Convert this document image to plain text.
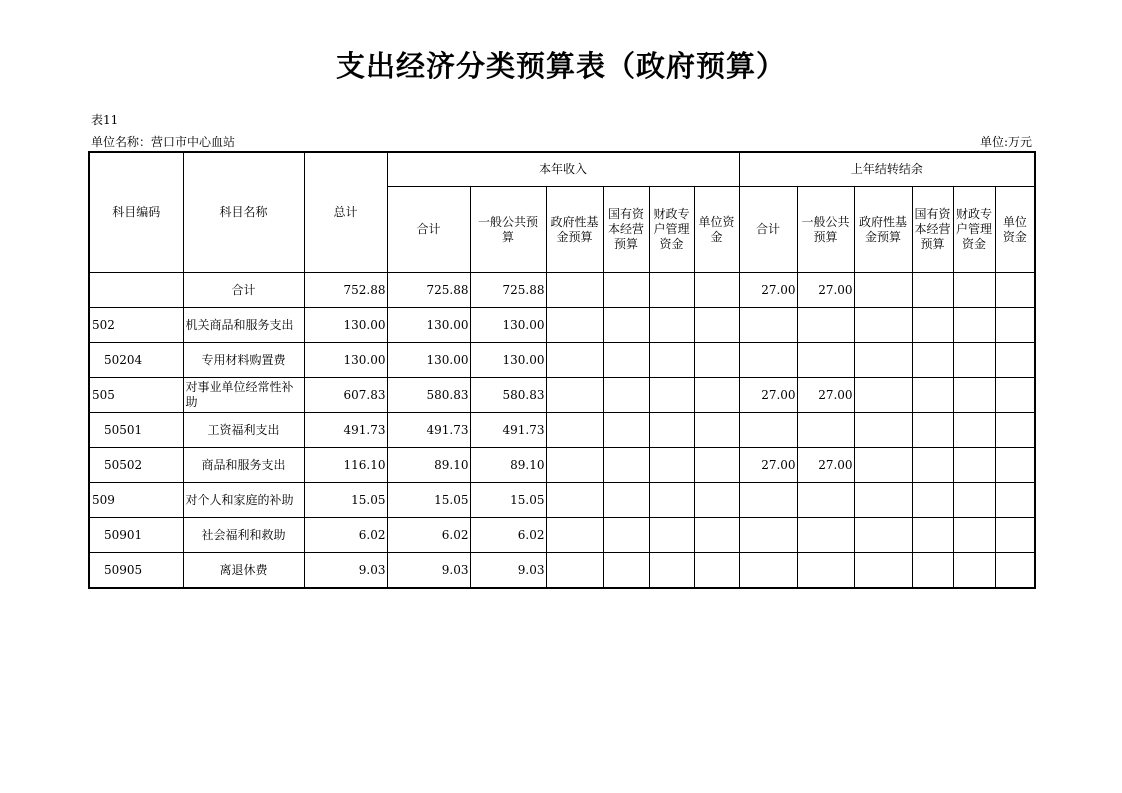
支出经济分类预算表（政府预算）
表11
单位名称：营口市中心血站	单位:万元
科目编码	科目名称	总计	本年收入						上年结转结余					
			合计	一般公共预算	政府性基金预算	国有资本经营预算	财政专户管理资金	单位资金	合计	一般公共预算	政府性基金预算	国有资本经营预算	财政专户管理资金	单位资金
	合计	752.88	725.88	725.88					27.00	27.00				
502	机关商品和服务支出	130.00	130.00	130.00										
50204	专用材料购置费	130.00	130.00	130.00										
505	对事业单位经常性补助	607.83	580.83	580.83					27.00	27.00				
50501	工资福利支出	491.73	491.73	491.73										
50502	商品和服务支出	116.10	89.10	89.10					27.00	27.00				
509	对个人和家庭的补助	15.05	15.05	15.05										
50901	社会福利和救助	6.02	6.02	6.02										
50905	离退休费	9.03	9.03	9.03										
